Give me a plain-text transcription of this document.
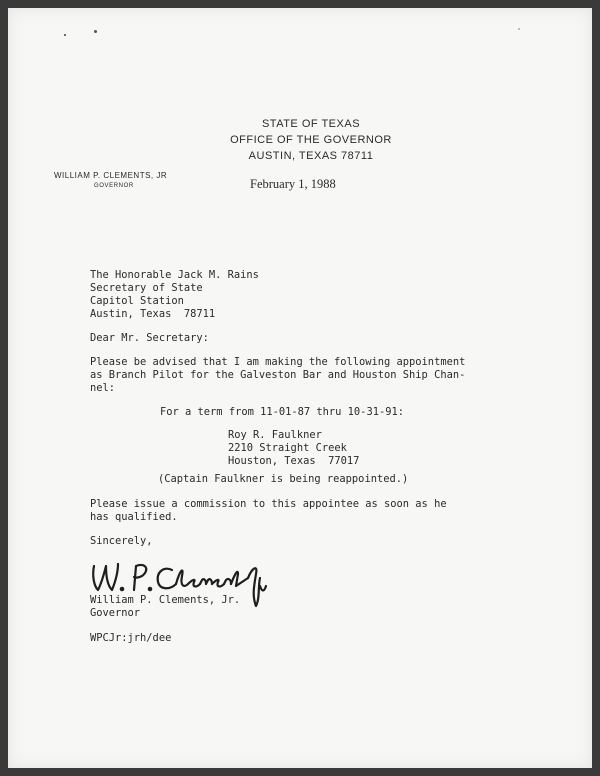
STATE OF TEXAS
OFFICE OF THE GOVERNOR
AUSTIN, TEXAS 78711
WILLIAM P. CLEMENTS, JR
GOVERNOR	February 1, 1988
The Honorable Jack M. Rains
Secretary of State
Capitol Station
Austin, Texas  78711
Dear Mr. Secretary:
Please be advised that I am making the following appointment
as Branch Pilot for the Galveston Bar and Houston Ship Chan-
nel:
For a term from 11-01-87 thru 10-31-91:
Roy R. Faulkner
2210 Straight Creek
Houston, Texas  77017
(Captain Faulkner is being reappointed.)
Please issue a commission to this appointee as soon as he
has qualified.
Sincerely,
William P. Clements, Jr.
Governor
WPCJr:jrh/dee
